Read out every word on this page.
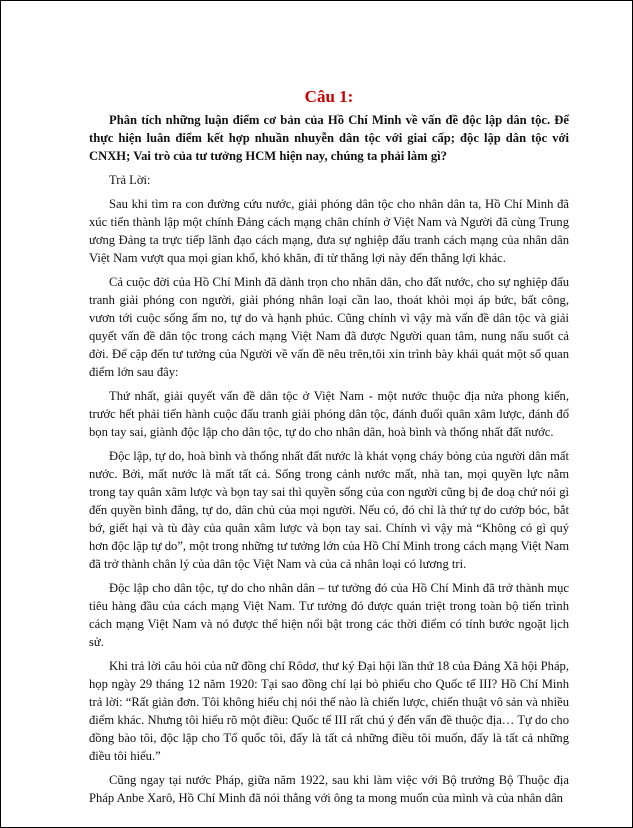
Câu 1:
Phân tích những luận điểm cơ bản của Hồ Chí Minh về vấn đề độc lập dân tộc. Để thực hiện luân điểm kết hợp nhuần nhuyễn dân tộc với giai cấp; độc lập dân tộc với CNXH; Vai trò của tư tưởng HCM hiện nay, chúng ta phải làm gì?
Trả Lời:
Sau khi tìm ra con đường cứu nước, giải phóng dân tộc cho nhân dân ta, Hồ Chí Minh đã xúc tiến thành lập một chính Đảng cách mạng chân chính ở Việt Nam và Người đã cùng Trung ương Đảng ta trực tiếp lãnh đạo cách mạng, đưa sự nghiệp đấu tranh cách mạng của nhân dân Việt Nam vượt qua mọi gian khổ, khó khăn, đi từ thắng lợi này đến thắng lợi khác.
Cả cuộc đời của Hồ Chí Minh đã dành trọn cho nhân dân, cho đất nước, cho sự nghiệp đấu tranh giải phóng con người, giải phóng nhân loại cần lao, thoát khỏi mọi áp bức, bất công, vươn tới cuộc sống ấm no, tự do và hạnh phúc. Cũng chính vì vậy mà vấn đề dân tộc và giải quyết vấn đề dân tộc trong cách mạng Việt Nam đã được Người quan tâm, nung nấu suốt cả đời. Để cập đến tư tưởng của Người về vấn đề nêu trên,tôi xin trình bày khái quát một số quan điểm lớn sau đây:
Thứ nhất, giải quyết vấn đề dân tộc ở Việt Nam - một nước thuộc địa nửa phong kiến, trước hết phải tiến hành cuộc đấu tranh giải phóng dân tộc, đánh đuổi quân xâm lược, đánh đổ bọn tay sai, giành độc lập cho dân tộc, tự do cho nhân dân, hoà bình và thống nhất đất nước.
Độc lập, tự do, hoà bình và thống nhất đất nước là khát vọng cháy bỏng của người dân mất nước. Bởi, mất nước là mất tất cả. Sống trong cảnh nước mất, nhà tan, mọi quyền lực nằm trong tay quân xâm lược và bọn tay sai thì quyền sống của con người cũng bị đe doạ chứ nói gì đến quyền bình đẳng, tự do, dân chủ của mọi người. Nếu có, đó chỉ là thứ tự do cướp bóc, bắt bớ, giết hại và tù đày của quân xâm lược và bọn tay sai. Chính vì vậy mà “Không có gì quý hơn độc lập tự do”, một trong những tư tưởng lớn của Hồ Chí Minh trong cách mạng Việt Nam đã trở thành chân lý của dân tộc Việt Nam và của cả nhân loại có lương tri.
Độc lập cho dân tộc, tự do cho nhân dân – tư tưởng đó của Hồ Chí Minh đã trở thành mục tiêu hàng đầu của cách mạng Việt Nam. Tư tưởng đó được quán triệt trong toàn bộ tiến trình cách mạng Việt Nam và nó được thể hiện nổi bật trong các thời điểm có tính bước ngoặt lịch sử.
Khi trả lời câu hỏi của nữ đồng chí Rôdơ, thư ký Đại hội lần thứ 18 của Đảng Xã hội Pháp, họp ngày 29 tháng 12 năm 1920: Tại sao đồng chí lại bỏ phiếu cho Quốc tế III? Hồ Chí Minh trả lời: “Rất giản đơn. Tôi không hiểu chị nói thế nào là chiến lược, chiến thuật vô sản và nhiều điểm khác. Nhưng tôi hiểu rõ một điều: Quốc tế III rất chú ý đến vấn đề thuộc địa… Tự do cho đồng bào tôi, độc lập cho Tổ quốc tôi, đấy là tất cả những điều tôi muốn, đấy là tất cả những điều tôi hiểu.”
Cũng ngay tại nước Pháp, giữa năm 1922, sau khi làm việc với Bộ trưởng Bộ Thuộc địa Pháp Anbe Xarô, Hồ Chí Minh đã nói thẳng với ông ta mong muốn của mình và của nhân dân
